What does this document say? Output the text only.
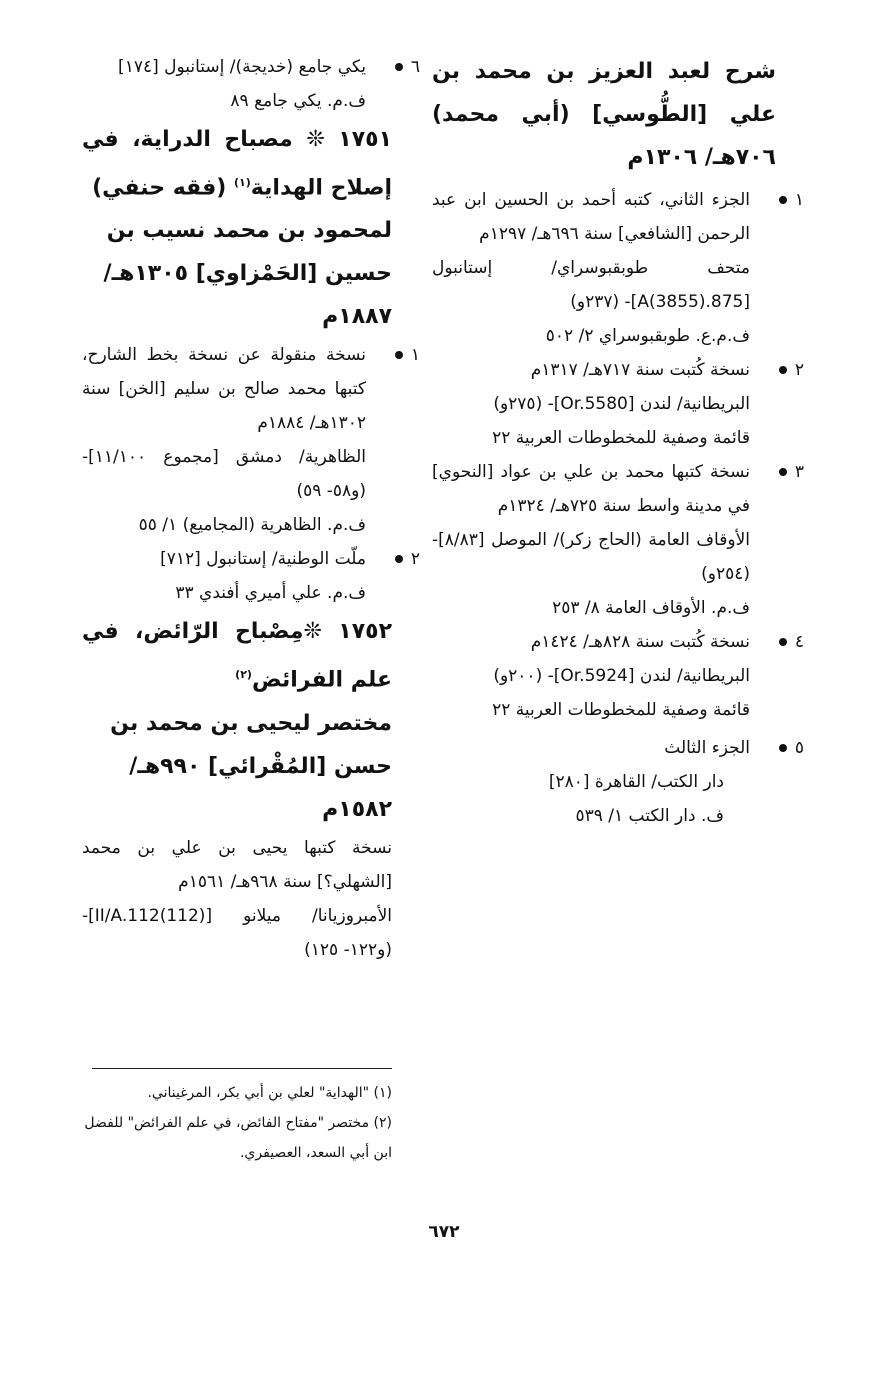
شرح لعبد العزيز بن محمد بن علي [الطُّوسي] (أبي محمد) ٧٠٦هـ/ ١٣٠٦م
١
الجزء الثاني، كتبه أحمد بن الحسين ابن عبد الرحمن [الشافعي] سنة ٦٩٦هـ/ ١٢٩٧م
متحف طوبقبوسراي/ إستانبول [875.A(3855)]- (٢٣٧و)
ف.م.ع. طوبقبوسراي ٢/ ٥٠٢
٢
نسخة كُتبت سنة ٧١٧هـ/ ١٣١٧م
البريطانية/ لندن [Or.5580]- (٢٧٥و)
قائمة وصفية للمخطوطات العربية ٢٢
٣
نسخة كتبها محمد بن علي بن عواد [النحوي] في مدينة واسط سنة ٧٢٥هـ/ ١٣٢٤م
الأوقاف العامة (الحاج زكر)/ الموصل [٨/٨٣]- (٢٥٤و)
ف.م. الأوقاف العامة ٨/ ٢٥٣
٤
نسخة كُتبت سنة ٨٢٨هـ/ ١٤٢٤م
البريطانية/ لندن [Or.5924]- (٢٠٠و)
قائمة وصفية للمخطوطات العربية ٢٢
٥
الجزء الثالث
دار الكتب/ القاهرة [٢٨٠]
ف. دار الكتب ١/ ٥٣٩
٦
يكي جامع (خديجة)/ إستانبول [١٧٤]
ف.م. يكي جامع ٨٩
١٧٥١ ❊ مصباح الدراية، في إصلاح الهداية$^{(١)}$ (فقه حنفي)
لمحمود بن محمد نسيب بن حسين [الحَمْزاوي] ١٣٠٥هـ/ ١٨٨٧م
١
نسخة منقولة عن نسخة بخط الشارح، كتبها محمد صالح بن سليم [الخن] سنة ١٣٠٢هـ/ ١٨٨٤م
الظاهرية/ دمشق [مجموع ١١/١٠٠]- (و٥٨- ٥٩)
ف.م. الظاهرية (المجاميع) ١/ ٥٥
٢
ملّت الوطنية/ إستانبول [٧١٢]
ف.م. علي أميري أفندي ٣٣
١٧٥٢ ❊مِصْباح الرّائض، في علم الفرائض$^{(٢)}$
مختصر ليحيى بن محمد بن حسن [المُقْرائي] ٩٩٠هـ/ ١٥٨٢م
نسخة كتبها يحيى بن علي بن محمد [الشهلي؟] سنة ٩٦٨هـ/ ١٥٦١م
الأمبروزيانا/ ميلانو [II/A.112(112)]- (و١٢٢- ١٢٥)
(١) "الهداية" لعلي بن أبي بكر، المرغيناني.
(٢) مختصر "مفتاح الفائض، في علم الفرائض" للفضل ابن أبي السعد، العصيفري.
٦٧٢
